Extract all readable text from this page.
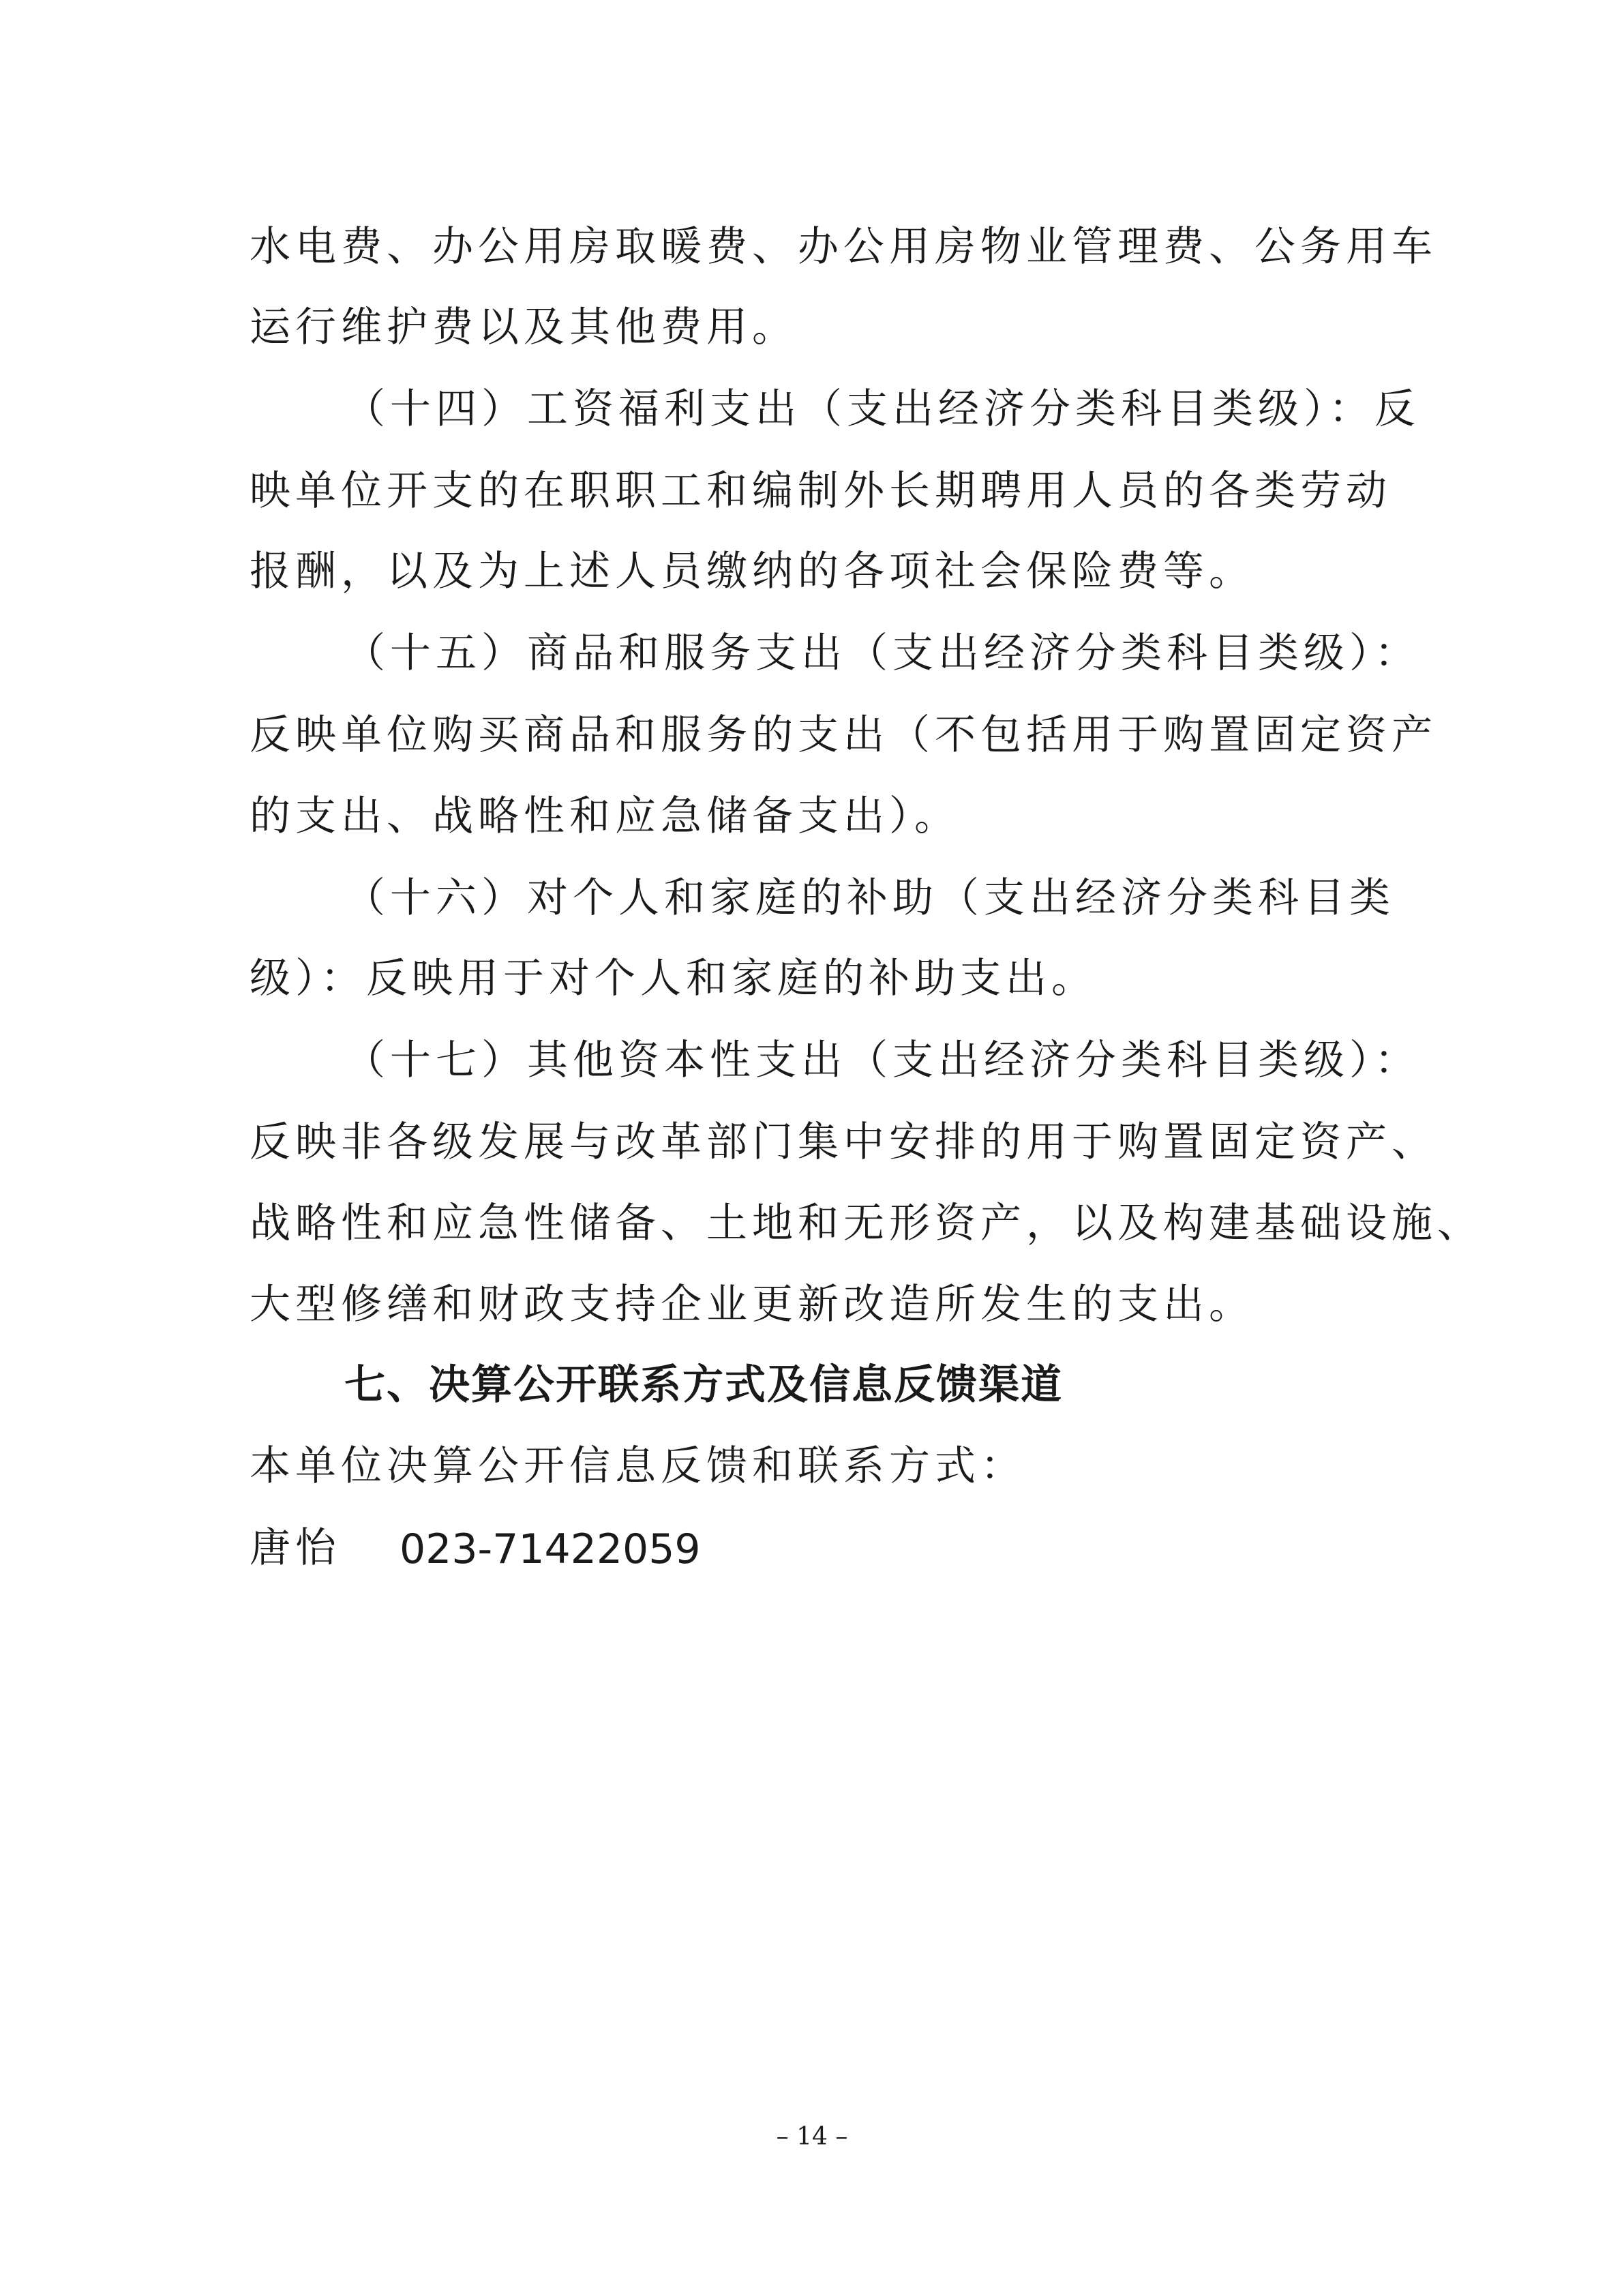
水电费、办公用房取暖费、办公用房物业管理费、公务用车
运行维护费以及其他费用。
（十四）工资福利支出（支出经济分类科目类级）：反
映单位开支的在职职工和编制外长期聘用人员的各类劳动
报酬，以及为上述人员缴纳的各项社会保险费等。
（十五）商品和服务支出（支出经济分类科目类级）：
反映单位购买商品和服务的支出（不包括用于购置固定资产
的支出、战略性和应急储备支出）。
（十六）对个人和家庭的补助（支出经济分类科目类
级）：反映用于对个人和家庭的补助支出。
（十七）其他资本性支出（支出经济分类科目类级）：
反映非各级发展与改革部门集中安排的用于购置固定资产、
战略性和应急性储备、土地和无形资产，以及构建基础设施、
大型修缮和财政支持企业更新改造所发生的支出。
七、决算公开联系方式及信息反馈渠道
本单位决算公开信息反馈和联系方式：
唐怡 023-71422059
– 14 –
